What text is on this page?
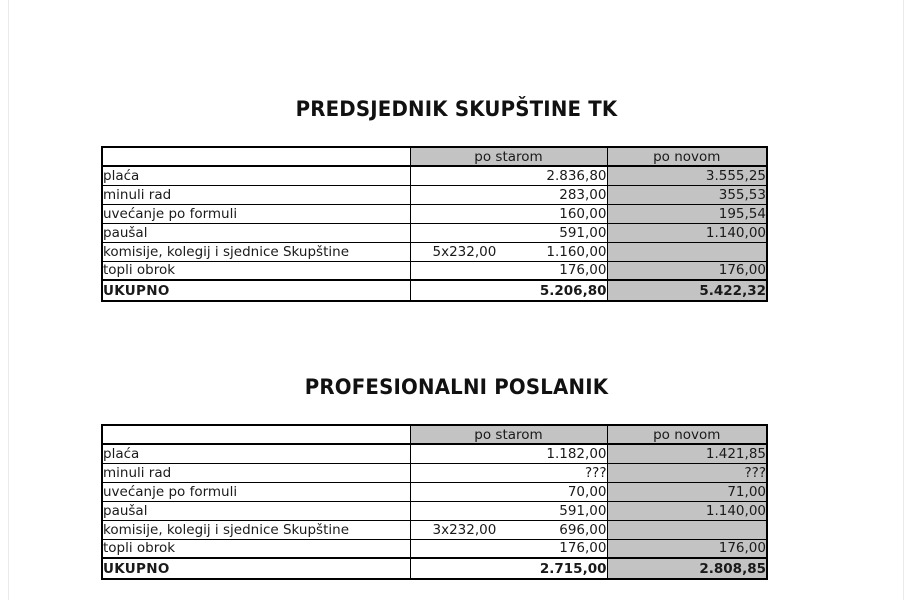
PREDSJEDNIK SKUPŠTINE TK
	po starom	po novom
plaća	2.836,80	3.555,25
minuli rad	283,00	355,53
uvećanje po formuli	160,00	195,54
paušal	591,00	1.140,00
komisije, kolegij i sjednice Skupštine	5x232,00 1.160,00	
topli obrok	176,00	176,00
UKUPNO	5.206,80	5.422,32
PROFESIONALNI POSLANIK
	po starom	po novom
plaća	1.182,00	1.421,85
minuli rad	???	???
uvećanje po formuli	70,00	71,00
paušal	591,00	1.140,00
komisije, kolegij i sjednice Skupštine	3x232,00 696,00	
topli obrok	176,00	176,00
UKUPNO	2.715,00	2.808,85
